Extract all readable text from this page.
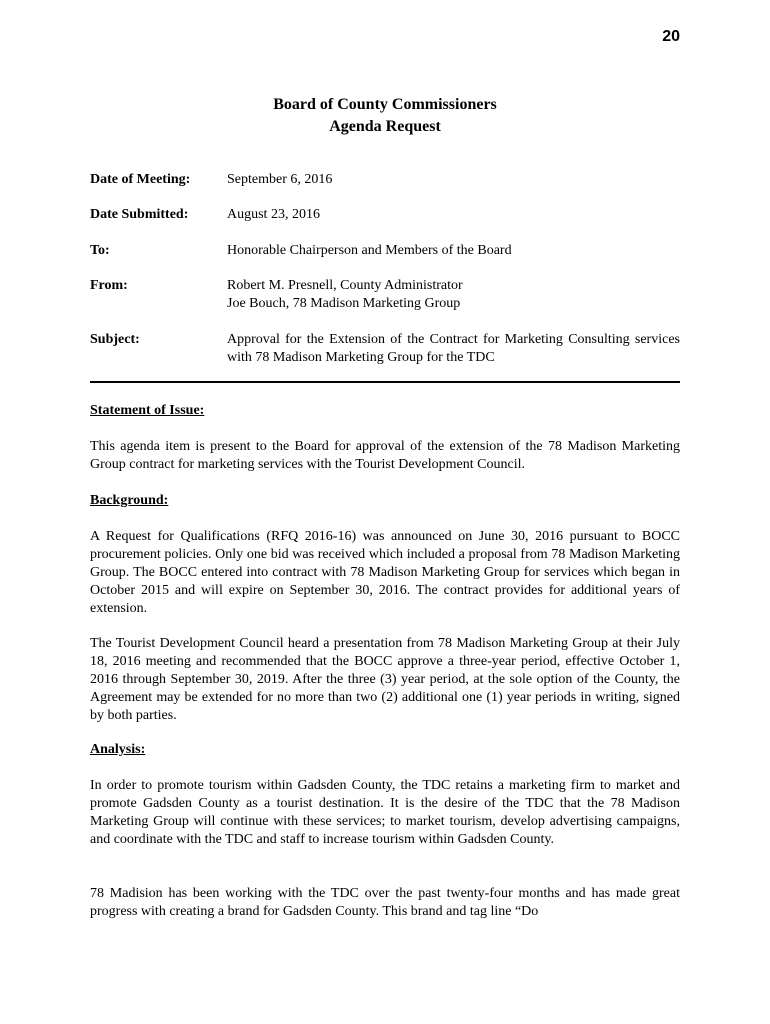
20
Board of County Commissioners
Agenda Request
Date of Meeting:	September 6, 2016
Date Submitted:	August 23, 2016
To:	Honorable Chairperson and Members of the Board
From:	Robert M. Presnell, County Administrator
Joe Bouch, 78 Madison Marketing Group
Subject:	Approval for the Extension of the Contract for Marketing Consulting services with 78 Madison Marketing Group for the TDC
Statement of Issue:

This agenda item is present to the Board for approval of the extension of the 78 Madison Marketing Group contract for marketing services with the Tourist Development Council.

Background:

A Request for Qualifications (RFQ 2016-16) was announced on June 30, 2016 pursuant to BOCC procurement policies. Only one bid was received which included a proposal from 78 Madison Marketing Group. The BOCC entered into contract with 78 Madison Marketing Group for services which began in October 2015 and will expire on September 30, 2016. The contract provides for additional years of extension.

The Tourist Development Council heard a presentation from 78 Madison Marketing Group at their July 18, 2016 meeting and recommended that the BOCC approve a three-year period, effective October 1, 2016 through September 30, 2019. After the three (3) year period, at the sole option of the County, the Agreement may be extended for no more than two (2) additional one (1) year periods in writing, signed by both parties.

Analysis:

In order to promote tourism within Gadsden County, the TDC retains a marketing firm to market and promote Gadsden County as a tourist destination. It is the desire of the TDC that the 78 Madison Marketing Group will continue with these services; to market tourism, develop advertising campaigns, and coordinate with the TDC and staff to increase tourism within Gadsden County.

78 Madision has been working with the TDC over the past twenty-four months and has made great progress with creating a brand for Gadsden County. This brand and tag line “Do
